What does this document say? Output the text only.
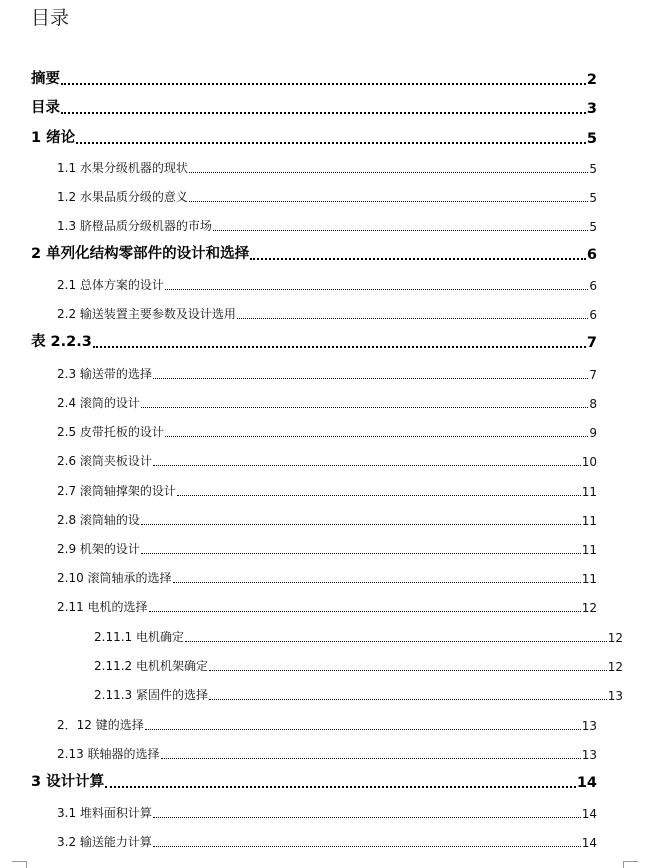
目录
摘要	2
目录	3
1 绪论	5
1.1 水果分级机器的现状	5
1.2 水果品质分级的意义	5
1.3 脐橙品质分级机器的市场	5
2 单列化结构零部件的设计和选择	6
2.1 总体方案的设计	6
2.2 输送装置主要参数及设计选用	6
表 2.2.3	7
2.3 输送带的选择	7
2.4 滚筒的设计	8
2.5 皮带托板的设计	9
2.6 滚筒夹板设计	10
2.7 滚筒轴撑架的设计	11
2.8 滚筒轴的设	11
2.9 机架的设计	11
2.10 滚筒轴承的选择	11
2.11 电机的选择	12
2.11.1 电机确定	12
2.11.2 电机机架确定	12
2.11.3 紧固件的选择	13
2．12 键的选择	13
2.13 联轴器的选择	13
3 设计计算	14
3.1 堆料面积计算	14
3.2 输送能力计算	14
